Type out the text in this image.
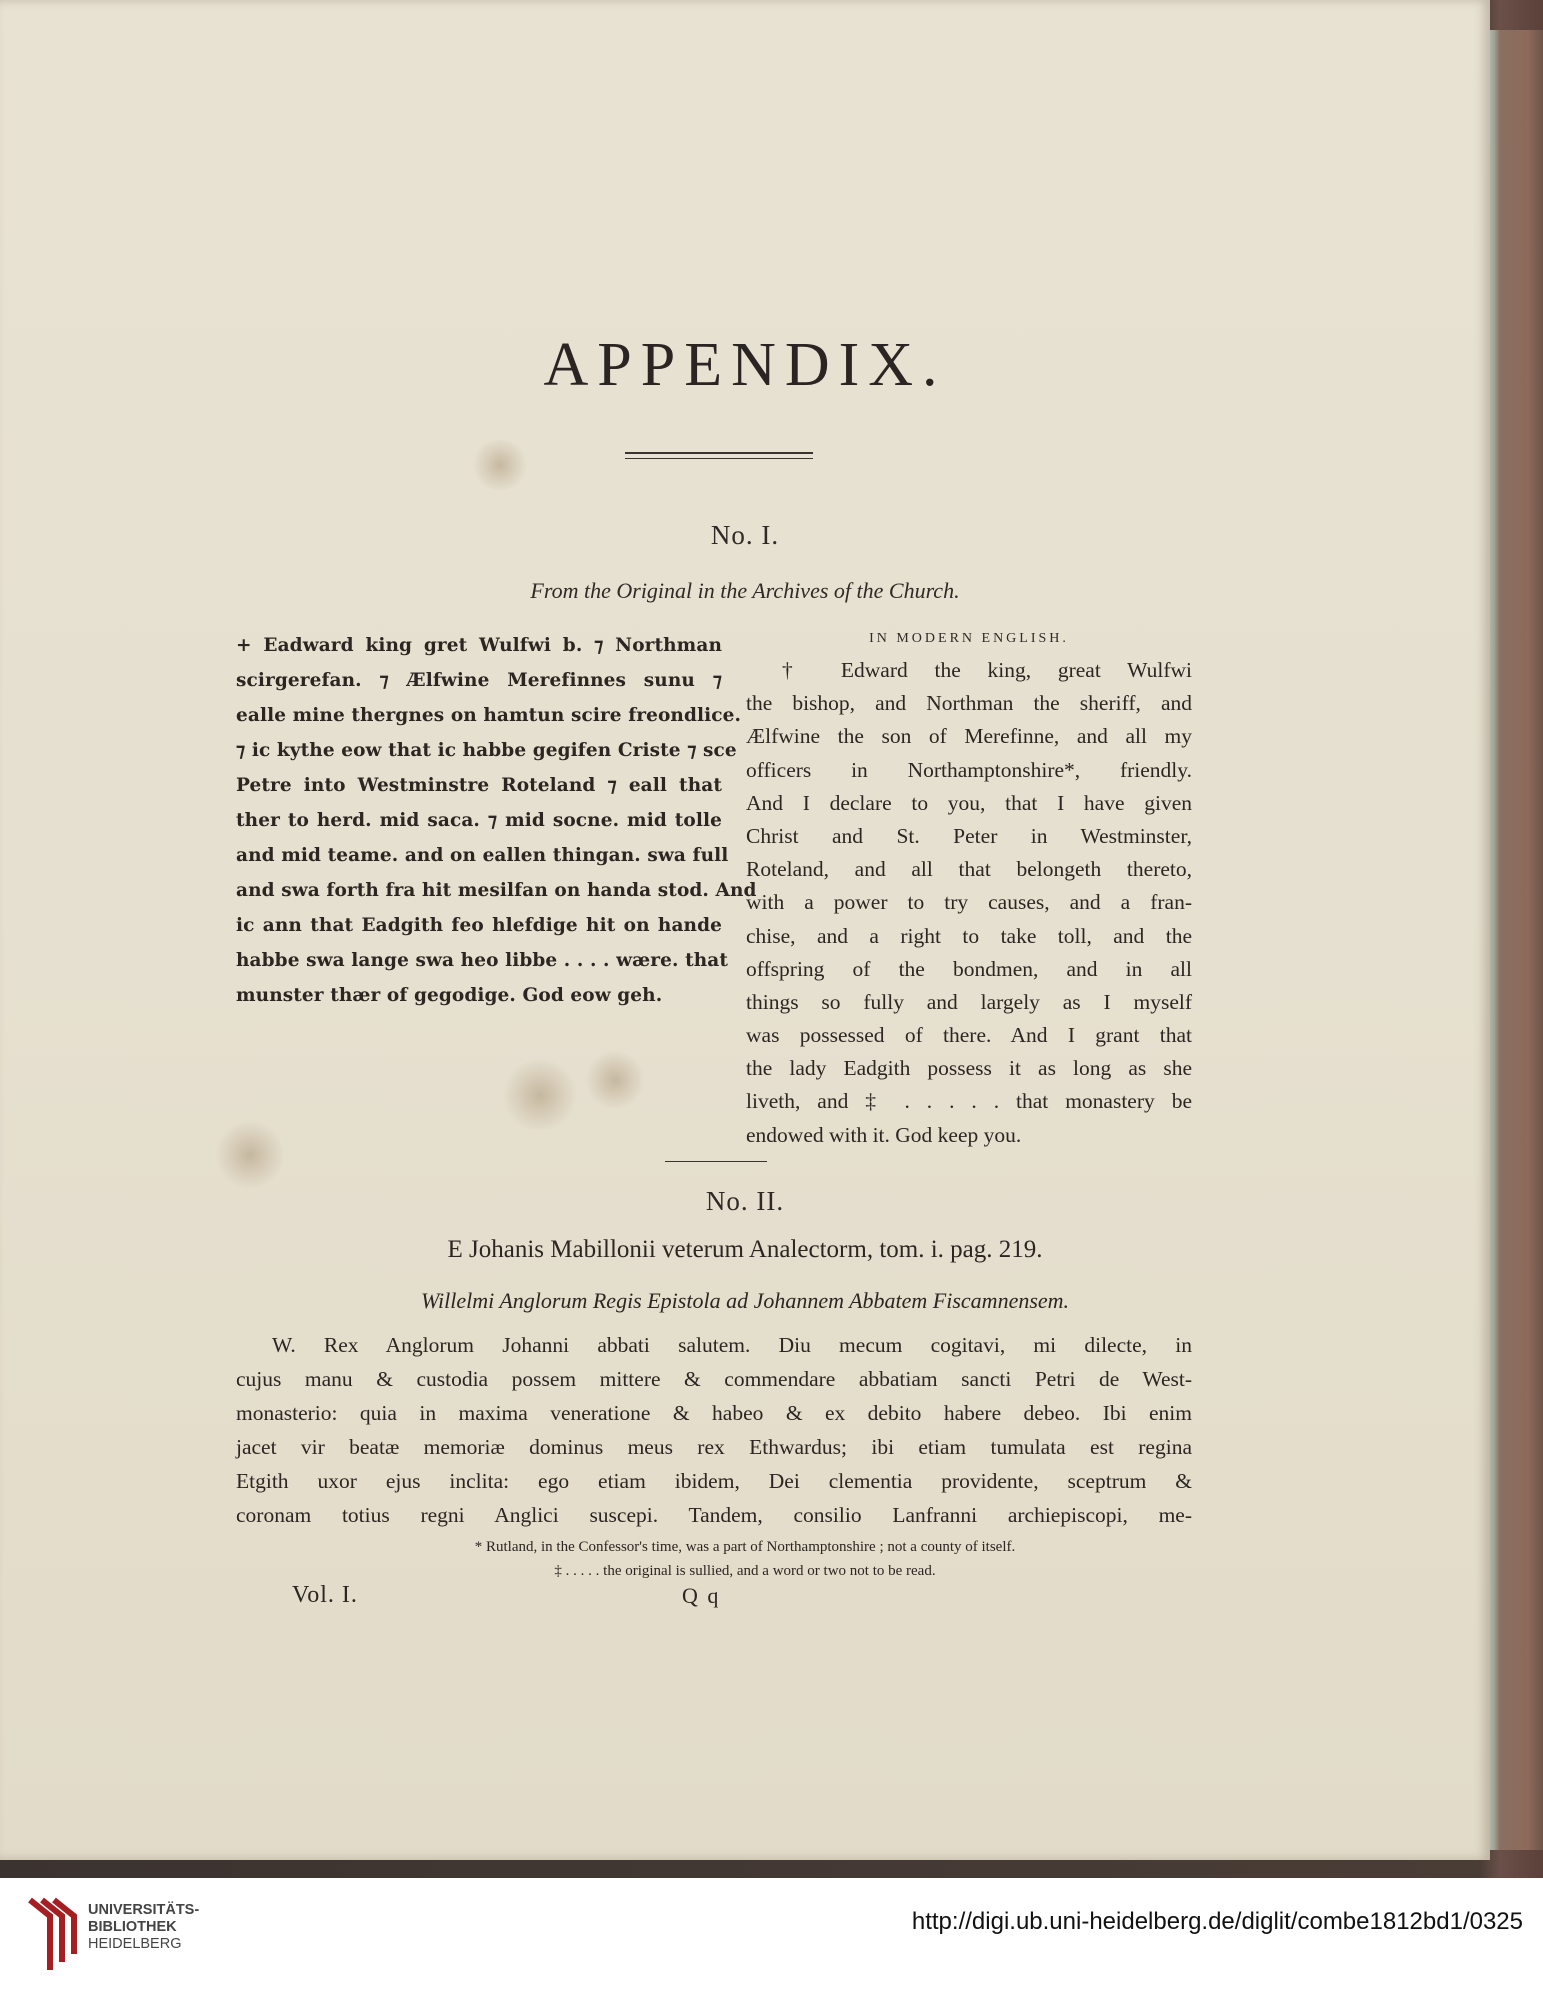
APPENDIX.
No. I.
From the Original in the Archives of the Church.
+ Eadward king gret Wulfwi b. ⁊ Northman
scirgerefan. ⁊ Ælfwine Merefinnes sunu ⁊
ealle mine thergnes on hamtun scire freondlice.
⁊ ic kythe eow that ic habbe gegifen Criste ⁊ sce
Petre into Westminstre Roteland ⁊ eall that
ther to herd. mid saca. ⁊ mid socne. mid tolle
and mid teame. and on eallen thingan. swa full
and swa forth fra hit mesilfan on handa stod. And
ic ann that Eadgith feo hlefdige hit on hande
habbe swa lange swa heo libbe . . . . wære. that
munster thær of gegodige. God eow geh.
IN MODERN ENGLISH.
† Edward the king, great Wulfwi
the bishop, and Northman the sheriff, and
Ælfwine the son of Merefinne, and all my
officers in Northamptonshire*, friendly.
And I declare to you, that I have given
Christ and St. Peter in Westminster,
Roteland, and all that belongeth thereto,
with a power to try causes, and a fran-
chise, and a right to take toll, and the
offspring of the bondmen, and in all
things so fully and largely as I myself
was possessed of there. And I grant that
the lady Eadgith possess it as long as she
liveth, and ‡ . . . . . that monastery be
endowed with it. God keep you.
No. II.
E Johanis Mabillonii veterum Analectorm, tom. i. pag. 219.
Willelmi Anglorum Regis Epistola ad Johannem Abbatem Fiscamnensem.
W. Rex Anglorum Johanni abbati salutem. Diu mecum cogitavi, mi dilecte, in
cujus manu & custodia possem mittere & commendare abbatiam sancti Petri de West-
monasterio: quia in maxima veneratione & habeo & ex debito habere debeo. Ibi enim
jacet vir beatæ memoriæ dominus meus rex Ethwardus; ibi etiam tumulata est regina
Etgith uxor ejus inclita: ego etiam ibidem, Dei clementia providente, sceptrum &
coronam totius regni Anglici suscepi. Tandem, consilio Lanfranni archiepiscopi, me-
* Rutland, in the Confessor's time, was a part of Northamptonshire ; not a county of itself.
‡ . . . . . the original is sullied, and a word or two not to be read.
Vol. I.	Q q
UNIVERSITÄTS-
BIBLIOTHEK
HEIDELBERG
http://digi.ub.uni-heidelberg.de/diglit/combe1812bd1/0325
